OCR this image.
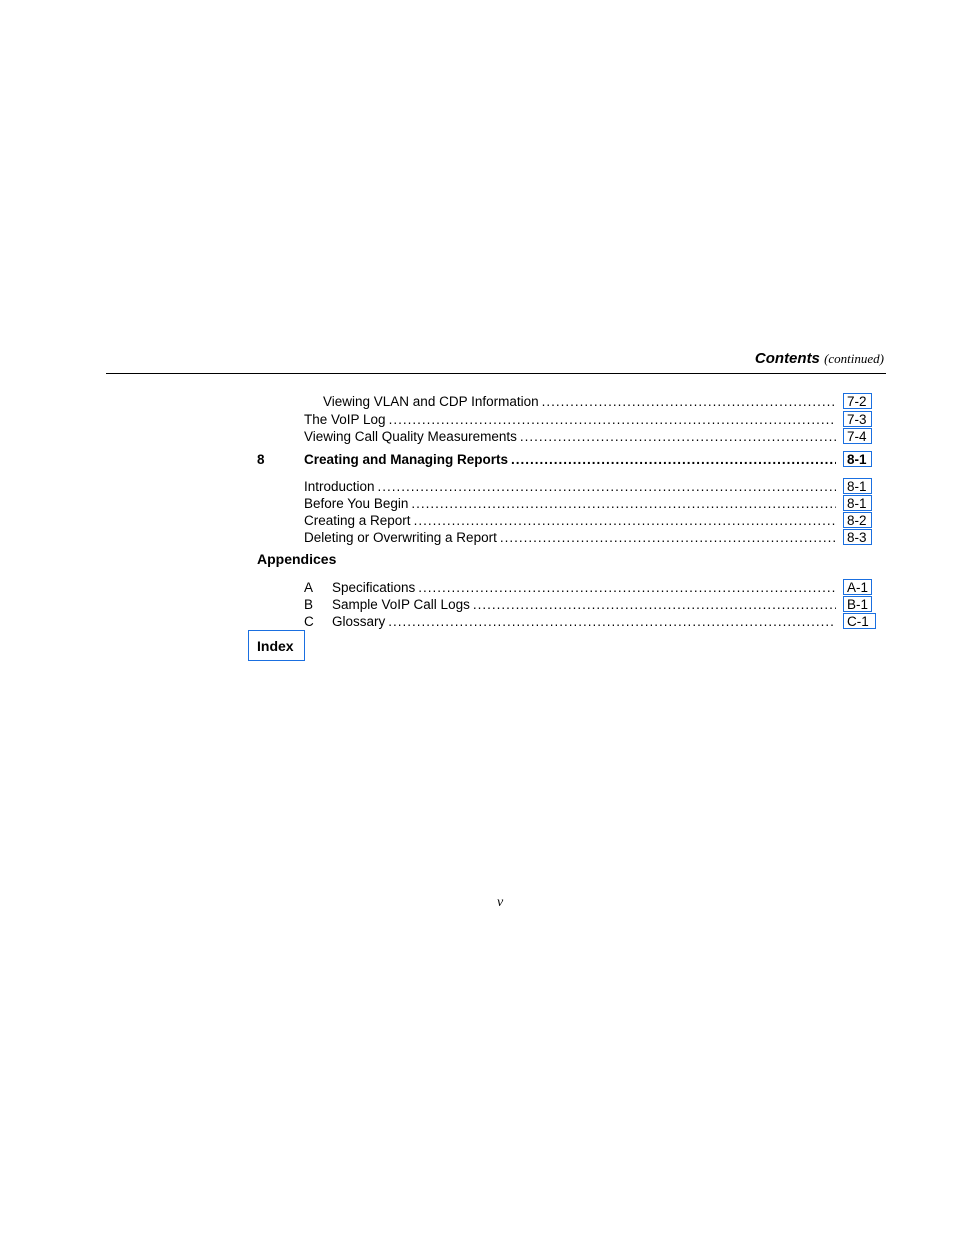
Contents (continued)
Viewing VLAN and CDP Information .....	7-2
The VoIP Log .....	7-3
Viewing Call Quality Measurements .....	7-4
8	Creating and Managing Reports .....	8-1
Introduction .....	8-1
Before You Begin .....	8-1
Creating a Report .....	8-2
Deleting or Overwriting a Report .....	8-3
Appendices
A Specifications .....	A-1
B Sample VoIP Call Logs .....	B-1
C Glossary .....	C-1
Index
v
